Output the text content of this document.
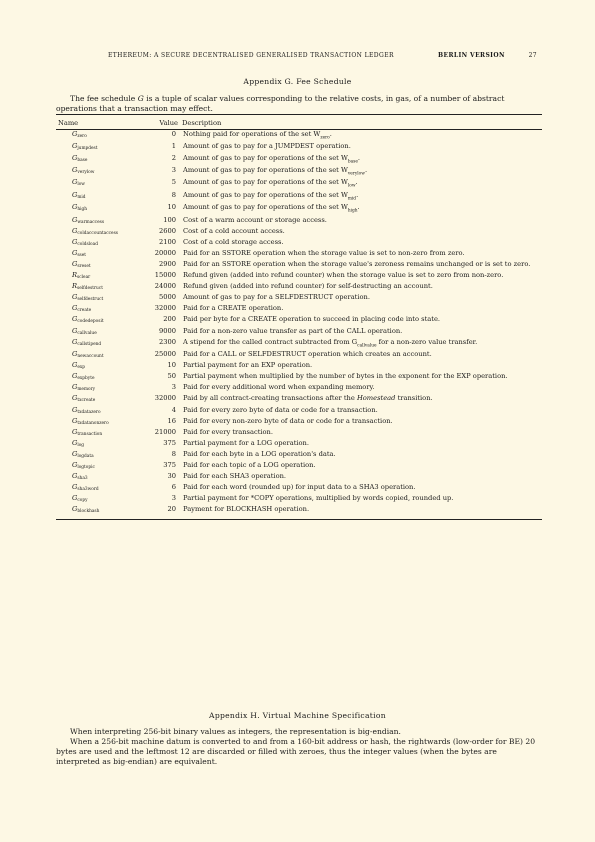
ETHEREUM: A SECURE DECENTRALISED GENERALISED TRANSACTION LEDGER	BERLIN VERSION	27
Appendix G. Fee Schedule
The fee schedule G is a tuple of scalar values corresponding to the relative costs, in gas, of a number of abstract operations that a transaction may effect.
Name	Value	Description
$G_{zero}$	0	Nothing paid for operations of the set $W_{zero}$.
$G_{jumpdest}$	1	Amount of gas to pay for a JUMPDEST operation.
$G_{base}$	2	Amount of gas to pay for operations of the set $W_{base}$.
$G_{verylow}$	3	Amount of gas to pay for operations of the set $W_{verylow}$.
$G_{low}$	5	Amount of gas to pay for operations of the set $W_{low}$.
$G_{mid}$	8	Amount of gas to pay for operations of the set $W_{mid}$.
$G_{high}$	10	Amount of gas to pay for operations of the set $W_{high}$.
$G_{warmaccess}$	100	Cost of a warm account or storage access.
$G_{coldaccountaccess}$	2600	Cost of a cold account access.
$G_{coldsload}$	2100	Cost of a cold storage access.
$G_{sset}$	20000	Paid for an SSTORE operation when the storage value is set to non-zero from zero.
$G_{sreset}$	2900	Paid for an SSTORE operation when the storage value's zeroness remains unchanged or is set to zero.
$R_{sclear}$	15000	Refund given (added into refund counter) when the storage value is set to zero from non-zero.
$R_{selfdestruct}$	24000	Refund given (added into refund counter) for self-destructing an account.
$G_{selfdestruct}$	5000	Amount of gas to pay for a SELFDESTRUCT operation.
$G_{create}$	32000	Paid for a CREATE operation.
$G_{codedeposit}$	200	Paid per byte for a CREATE operation to succeed in placing code into state.
$G_{callvalue}$	9000	Paid for a non-zero value transfer as part of the CALL operation.
$G_{callstipend}$	2300	A stipend for the called contract subtracted from $G_{callvalue}$ for a non-zero value transfer.
$G_{newaccount}$	25000	Paid for a CALL or SELFDESTRUCT operation which creates an account.
$G_{exp}$	10	Partial payment for an EXP operation.
$G_{expbyte}$	50	Partial payment when multiplied by the number of bytes in the exponent for the EXP operation.
$G_{memory}$	3	Paid for every additional word when expanding memory.
$G_{txcreate}$	32000	Paid by all contract-creating transactions after the Homestead transition.
$G_{txdatazero}$	4	Paid for every zero byte of data or code for a transaction.
$G_{txdatanonzero}$	16	Paid for every non-zero byte of data or code for a transaction.
$G_{transaction}$	21000	Paid for every transaction.
$G_{log}$	375	Partial payment for a LOG operation.
$G_{logdata}$	8	Paid for each byte in a LOG operation's data.
$G_{logtopic}$	375	Paid for each topic of a LOG operation.
$G_{sha3}$	30	Paid for each SHA3 operation.
$G_{sha3word}$	6	Paid for each word (rounded up) for input data to a SHA3 operation.
$G_{copy}$	3	Partial payment for *COPY operations, multiplied by words copied, rounded up.
$G_{blockhash}$	20	Payment for BLOCKHASH operation.
Appendix H. Virtual Machine Specification
When interpreting 256-bit binary values as integers, the representation is big-endian.
When a 256-bit machine datum is converted to and from a 160-bit address or hash, the rightwards (low-order for BE) 20 bytes are used and the leftmost 12 are discarded or filled with zeroes, thus the integer values (when the bytes are interpreted as big-endian) are equivalent.
